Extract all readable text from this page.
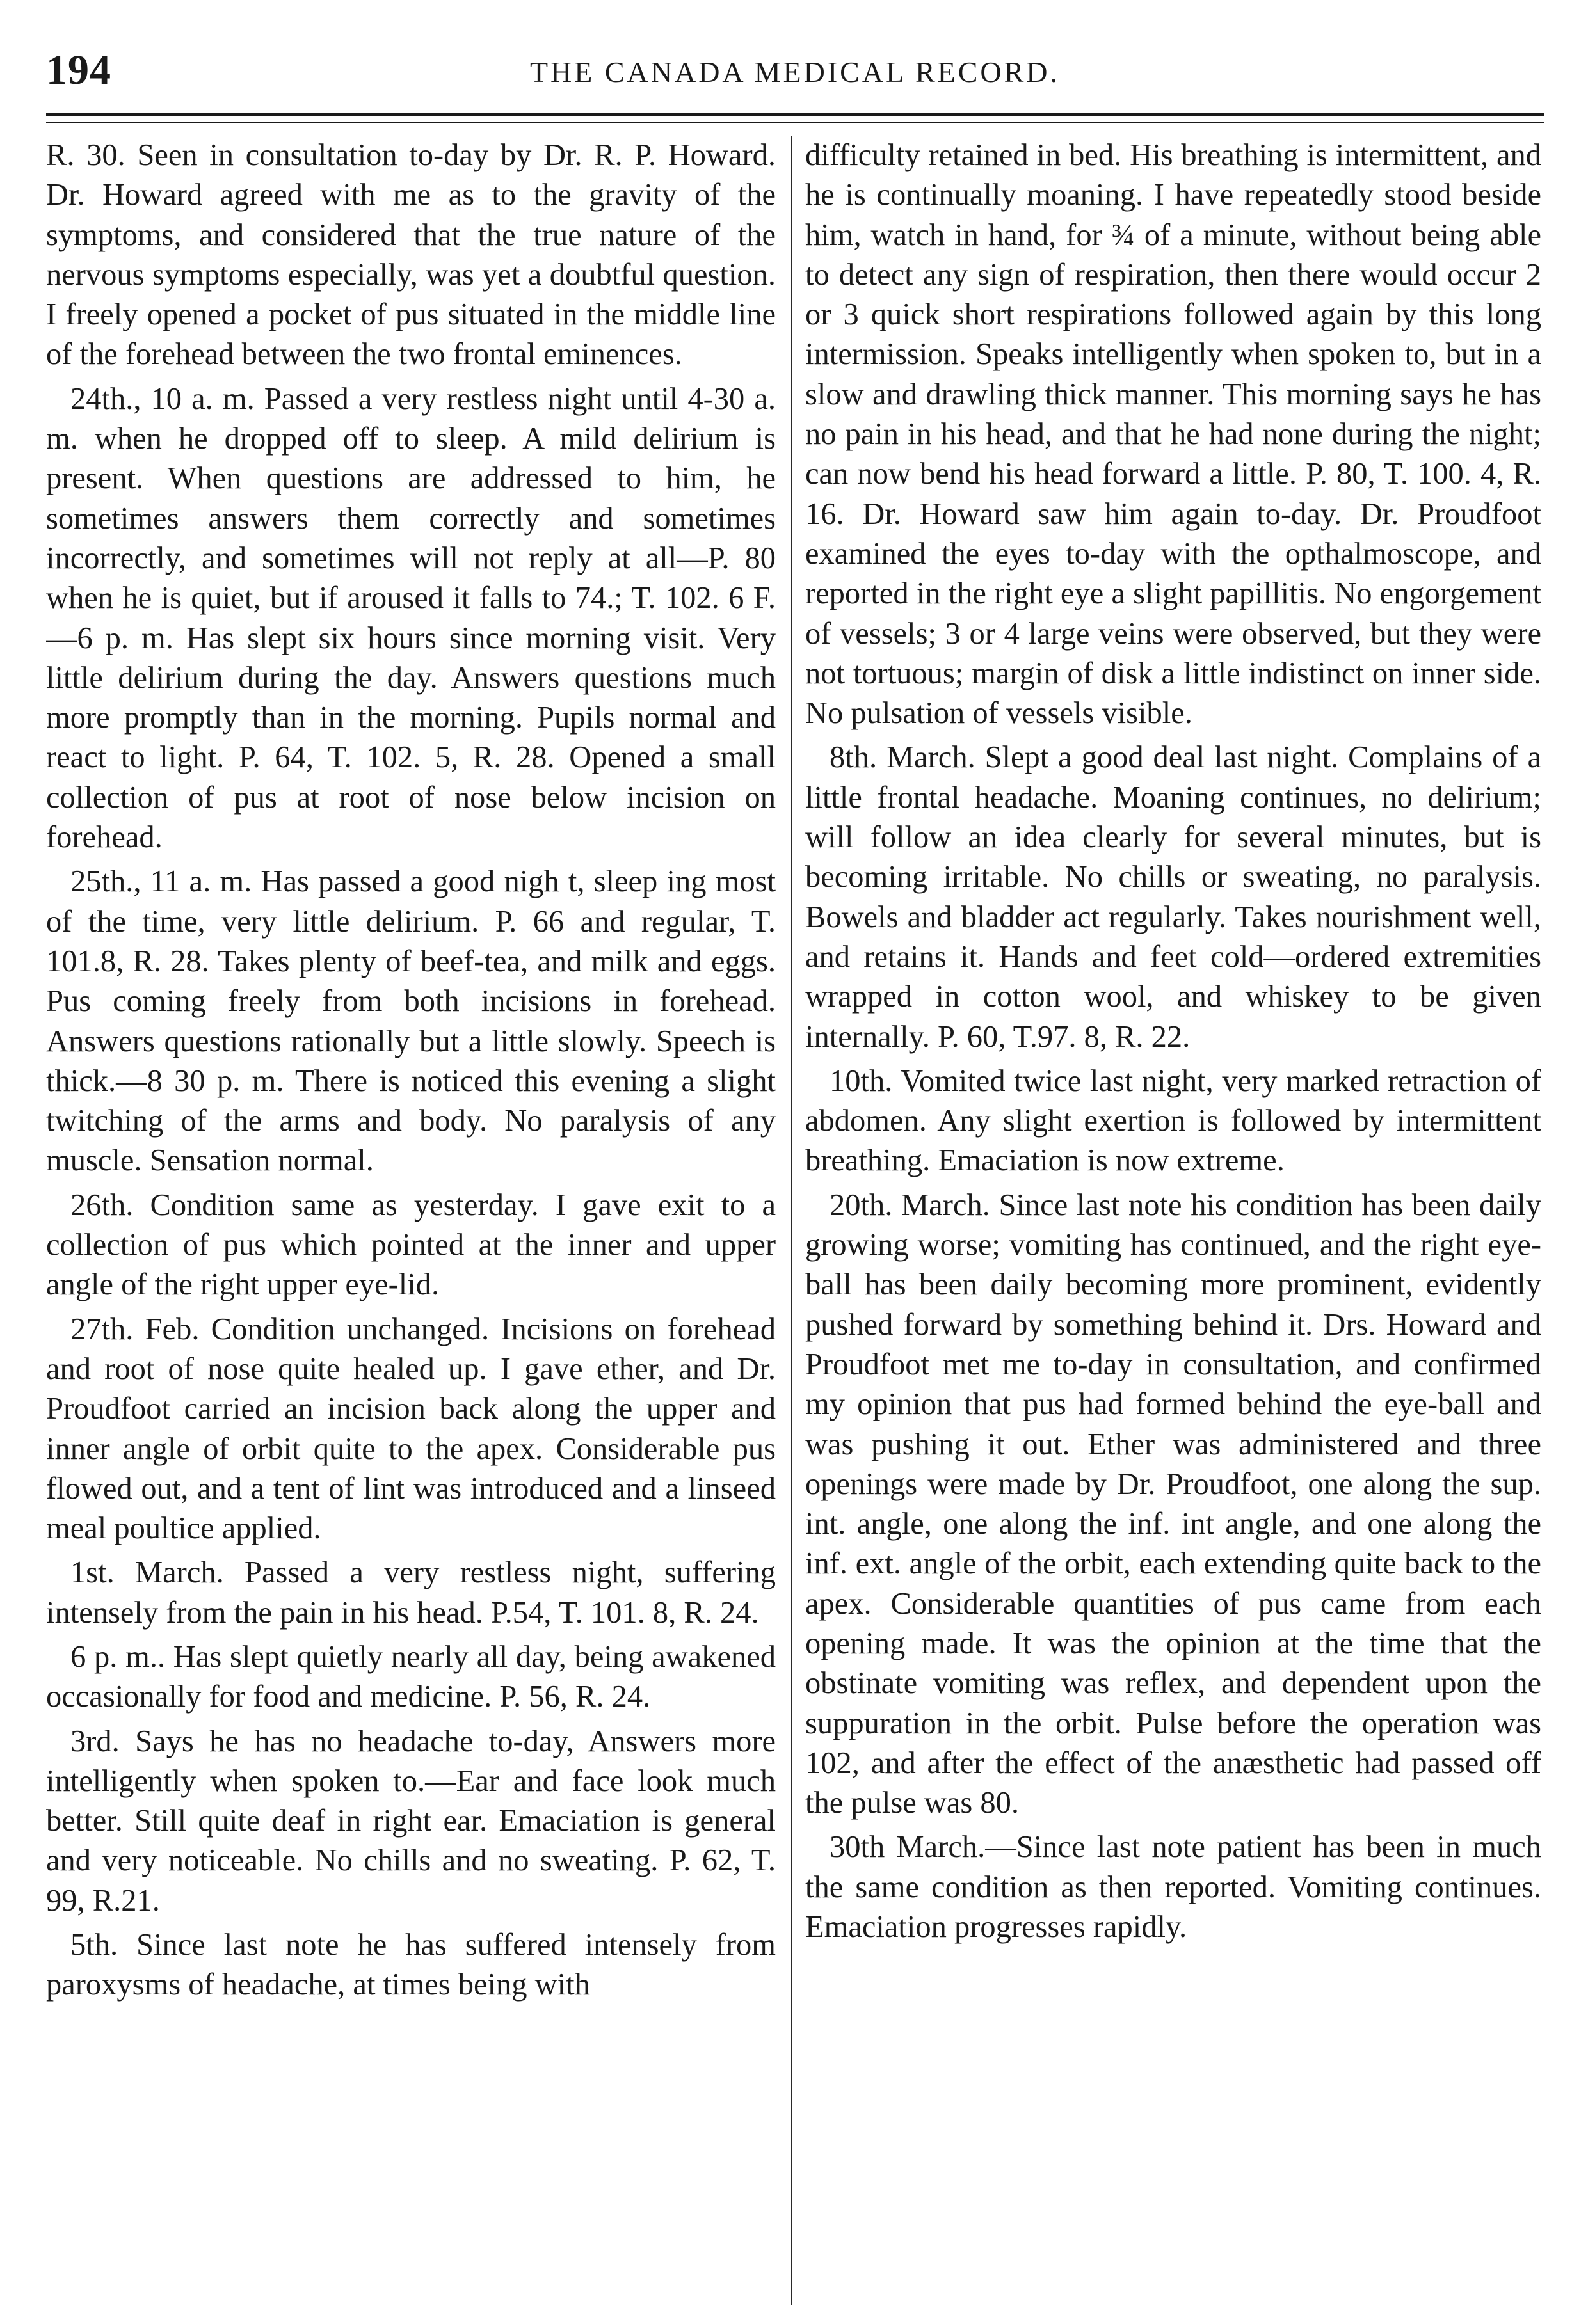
194	THE CANADA MEDICAL RECORD.

R. 30. Seen in consultation to-day by Dr. R. P. Howard. Dr. Howard agreed with me as to the gravity of the symptoms, and considered that the true nature of the nervous symptoms especially, was yet a doubtful question. I freely opened a pocket of pus situated in the middle line of the forehead between the two frontal eminences.

24th., 10 a. m. Passed a very restless night until 4-30 a. m. when he dropped off to sleep. A mild delirium is present. When questions are addressed to him, he sometimes answers them correctly and sometimes incorrectly, and sometimes will not reply at all—P. 80 when he is quiet, but if aroused it falls to 74.; T. 102. 6 F.—6 p. m. Has slept six hours since morning visit. Very little delirium during the day. Answers questions much more promptly than in the morning. Pupils normal and react to light. P. 64, T. 102. 5, R. 28. Opened a small collection of pus at root of nose below incision on forehead.

25th., 11 a. m. Has passed a good nigh t, sleep ing most of the time, very little delirium. P. 66 and regular, T. 101.8, R. 28. Takes plenty of beef-tea, and milk and eggs. Pus coming freely from both incisions in forehead. Answers questions rationally but a little slowly. Speech is thick.—8 30 p. m. There is noticed this evening a slight twitching of the arms and body. No paralysis of any muscle. Sensation normal.

26th. Condition same as yesterday. I gave exit to a collection of pus which pointed at the inner and upper angle of the right upper eye-lid.

27th. Feb. Condition unchanged. Incisions on forehead and root of nose quite healed up. I gave ether, and Dr. Proudfoot carried an incision back along the upper and inner angle of orbit quite to the apex. Considerable pus flowed out, and a tent of lint was introduced and a linseed meal poultice applied.

1st. March. Passed a very restless night, suffering intensely from the pain in his head. P.54, T. 101. 8, R. 24.

6 p. m.. Has slept quietly nearly all day, being awakened occasionally for food and medicine. P. 56, R. 24.

3rd. Says he has no headache to-day, Answers more intelligently when spoken to.—Ear and face look much better. Still quite deaf in right ear. Emaciation is general and very noticeable. No chills and no sweating. P. 62, T. 99, R.21.

5th. Since last note he has suffered intensely from paroxysms of headache, at times being with

difficulty retained in bed. His breathing is intermittent, and he is continually moaning. I have repeatedly stood beside him, watch in hand, for ¾ of a minute, without being able to detect any sign of respiration, then there would occur 2 or 3 quick short respirations followed again by this long intermission. Speaks intelligently when spoken to, but in a slow and drawling thick manner. This morning says he has no pain in his head, and that he had none during the night; can now bend his head forward a little. P. 80, T. 100. 4, R. 16. Dr. Howard saw him again to-day. Dr. Proudfoot examined the eyes to-day with the opthalmoscope, and reported in the right eye a slight papillitis. No engorgement of vessels; 3 or 4 large veins were observed, but they were not tortuous; margin of disk a little indistinct on inner side. No pulsation of vessels visible.

8th. March. Slept a good deal last night. Complains of a little frontal headache. Moaning continues, no delirium; will follow an idea clearly for several minutes, but is becoming irritable. No chills or sweating, no paralysis. Bowels and bladder act regularly. Takes nourishment well, and retains it. Hands and feet cold—ordered extremities wrapped in cotton wool, and whiskey to be given internally. P. 60, T.97. 8, R. 22.

10th. Vomited twice last night, very marked retraction of abdomen. Any slight exertion is followed by intermittent breathing. Emaciation is now extreme.

20th. March. Since last note his condition has been daily growing worse; vomiting has continued, and the right eye-ball has been daily becoming more prominent, evidently pushed forward by something behind it. Drs. Howard and Proudfoot met me to-day in consultation, and confirmed my opinion that pus had formed behind the eye-ball and was pushing it out. Ether was administered and three openings were made by Dr. Proudfoot, one along the sup. int. angle, one along the inf. int angle, and one along the inf. ext. angle of the orbit, each extending quite back to the apex. Considerable quantities of pus came from each opening made. It was the opinion at the time that the obstinate vomiting was reflex, and dependent upon the suppuration in the orbit. Pulse before the operation was 102, and after the effect of the anæsthetic had passed off the pulse was 80.

30th March.—Since last note patient has been in much the same condition as then reported. Vomiting continues. Emaciation progresses rapidly.
